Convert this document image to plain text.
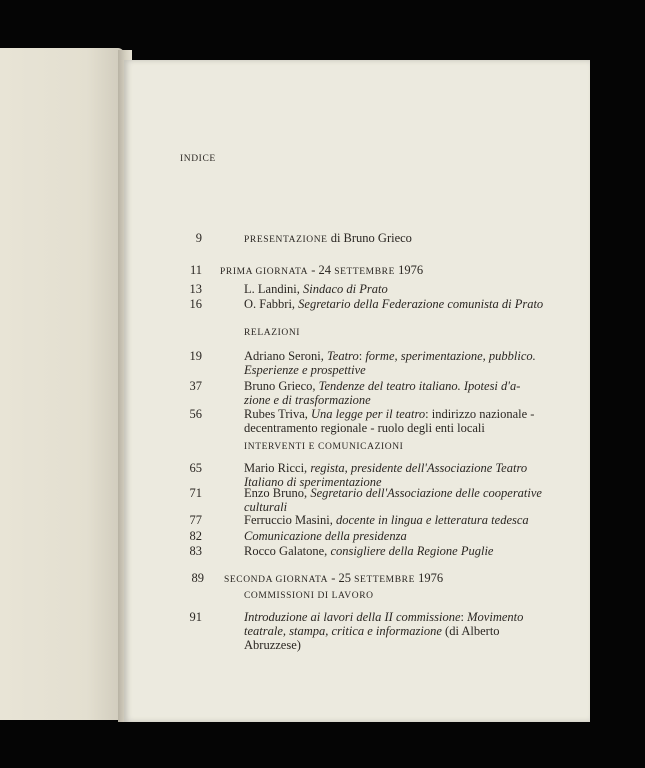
INDICE
9	PRESENTAZIONE di Bruno Grieco
11 PRIMA GIORNATA - 24 SETTEMBRE 1976
13	L. Landini, Sindaco di Prato
16	O. Fabbri, Segretario della Federazione comunista di Prato
RELAZIONI
19	Adriano Seroni, Teatro: forme, sperimentazione, pubblico.
Esperienze e prospettive
37	Bruno Grieco, Tendenze del teatro italiano. Ipotesi d'a-
zione e di trasformazione
56	Rubes Triva, Una legge per il teatro: indirizzo nazionale -
decentramento regionale - ruolo degli enti locali
INTERVENTI E COMUNICAZIONI
65	Mario Ricci, regista, presidente dell'Associazione Teatro
Italiano di sperimentazione
71	Enzo Bruno, Segretario dell'Associazione delle cooperative
culturali
77	Ferruccio Masini, docente in lingua e letteratura tedesca
82	Comunicazione della presidenza
83	Rocco Galatone, consigliere della Regione Puglie
89 SECONDA GIORNATA - 25 SETTEMBRE 1976
COMMISSIONI DI LAVORO
91	Introduzione ai lavori della II commissione: Movimento
teatrale, stampa, critica e informazione (di Alberto
Abruzzese)
